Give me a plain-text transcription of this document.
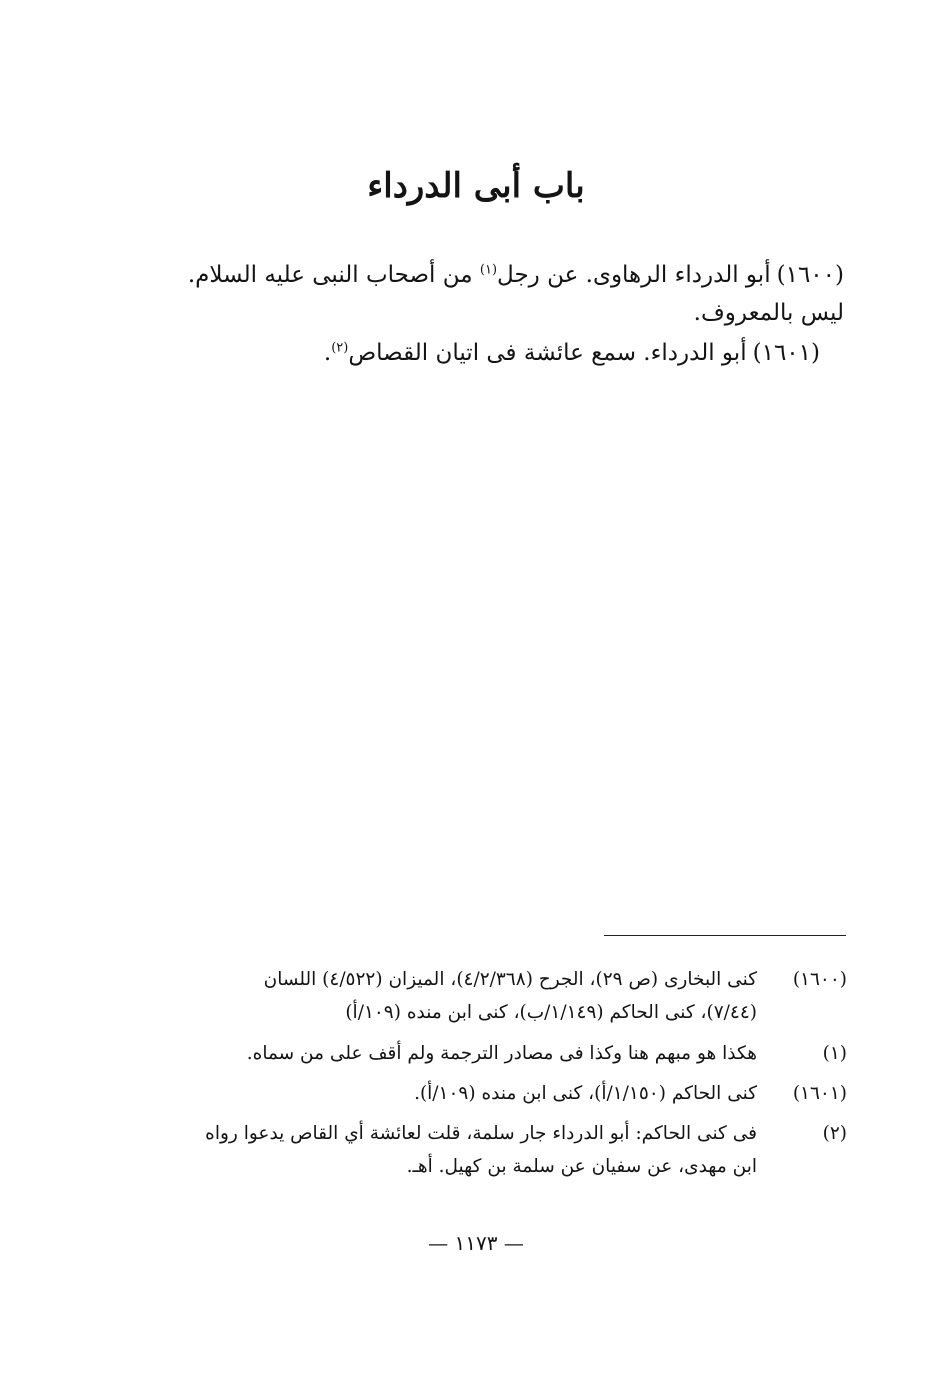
باب أبى الدرداء
(١٦٠٠)أبو الدرداء الرهاوى. عن رجل$^{(١)}$ من أصحاب النبى عليه السلام.
ليس بالمعروف.
(١٦٠١)أبو الدرداء. سمع عائشة فى اتيان القصاص$^{(٢)}$.
(١٦٠٠)
كنى البخارى (ص ٢٩)، الجرح (٤/٢/٣٦٨)، الميزان (٤/٥٢٢) اللسان
(٧/٤٤)، كنى الحاكم (١/١٤٩/ب)، كنى ابن منده (١٠٩/أ)
(١)
هكذا هو مبهم هنا وكذا فى مصادر الترجمة ولم أقف على من سماه.
(١٦٠١)
كنى الحاكم (١/١٥٠/أ)، كنى ابن منده (١٠٩/أ).
(٢)
فى كنى الحاكم: أبو الدرداء جار سلمة، قلت لعائشة أي القاص يدعوا رواه
ابن مهدى، عن سفيان عن سلمة بن كهيل. أهـ.
— ١١٧٣ —
